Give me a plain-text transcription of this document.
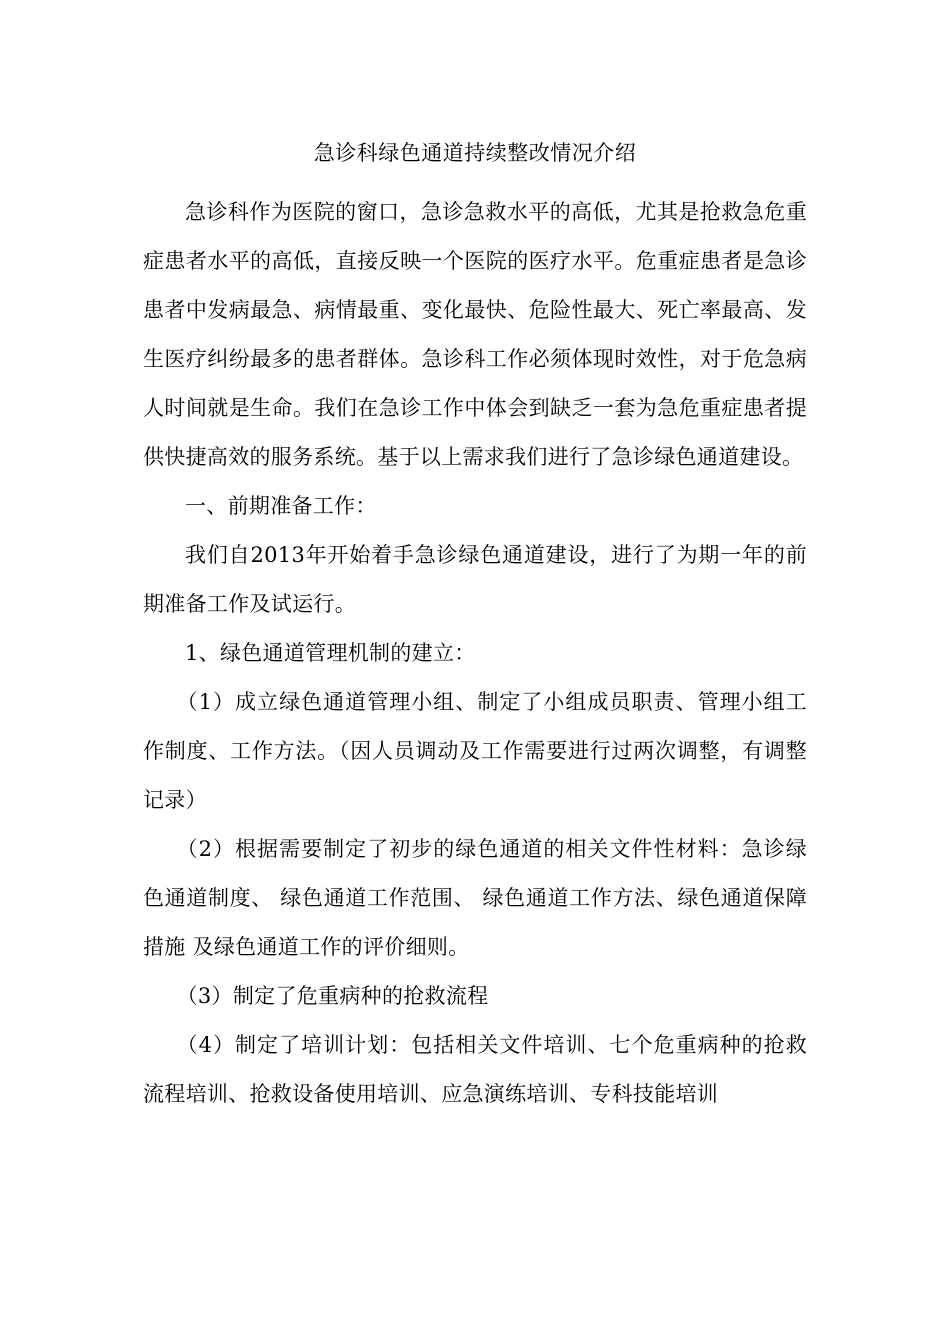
急诊科绿色通道持续整改情况介绍

急诊科作为医院的窗口，急诊急救水平的高低，尤其是抢救急危重症患者水平的高低，直接反映一个医院的医疗水平。危重症患者是急诊患者中发病最急、病情最重、变化最快、危险性最大、死亡率最高、发生医疗纠纷最多的患者群体。急诊科工作必须体现时效性，对于危急病人时间就是生命。我们在急诊工作中体会到缺乏一套为急危重症患者提供快捷高效的服务系统。基于以上需求我们进行了急诊绿色通道建设。

一、前期准备工作：

我们自2013年开始着手急诊绿色通道建设，进行了为期一年的前期准备工作及试运行。

1、绿色通道管理机制的建立：

（1）成立绿色通道管理小组、制定了小组成员职责、管理小组工作制度、工作方法。（因人员调动及工作需要进行过两次调整，有调整记录）

（2）根据需要制定了初步的绿色通道的相关文件性材料：急诊绿色通道制度、 绿色通道工作范围、 绿色通道工作方法、绿色通道保障措施 及绿色通道工作的评价细则。

（3）制定了危重病种的抢救流程

（4）制定了培训计划：包括相关文件培训、七个危重病种的抢救流程培训、抢救设备使用培训、应急演练培训、专科技能培训
